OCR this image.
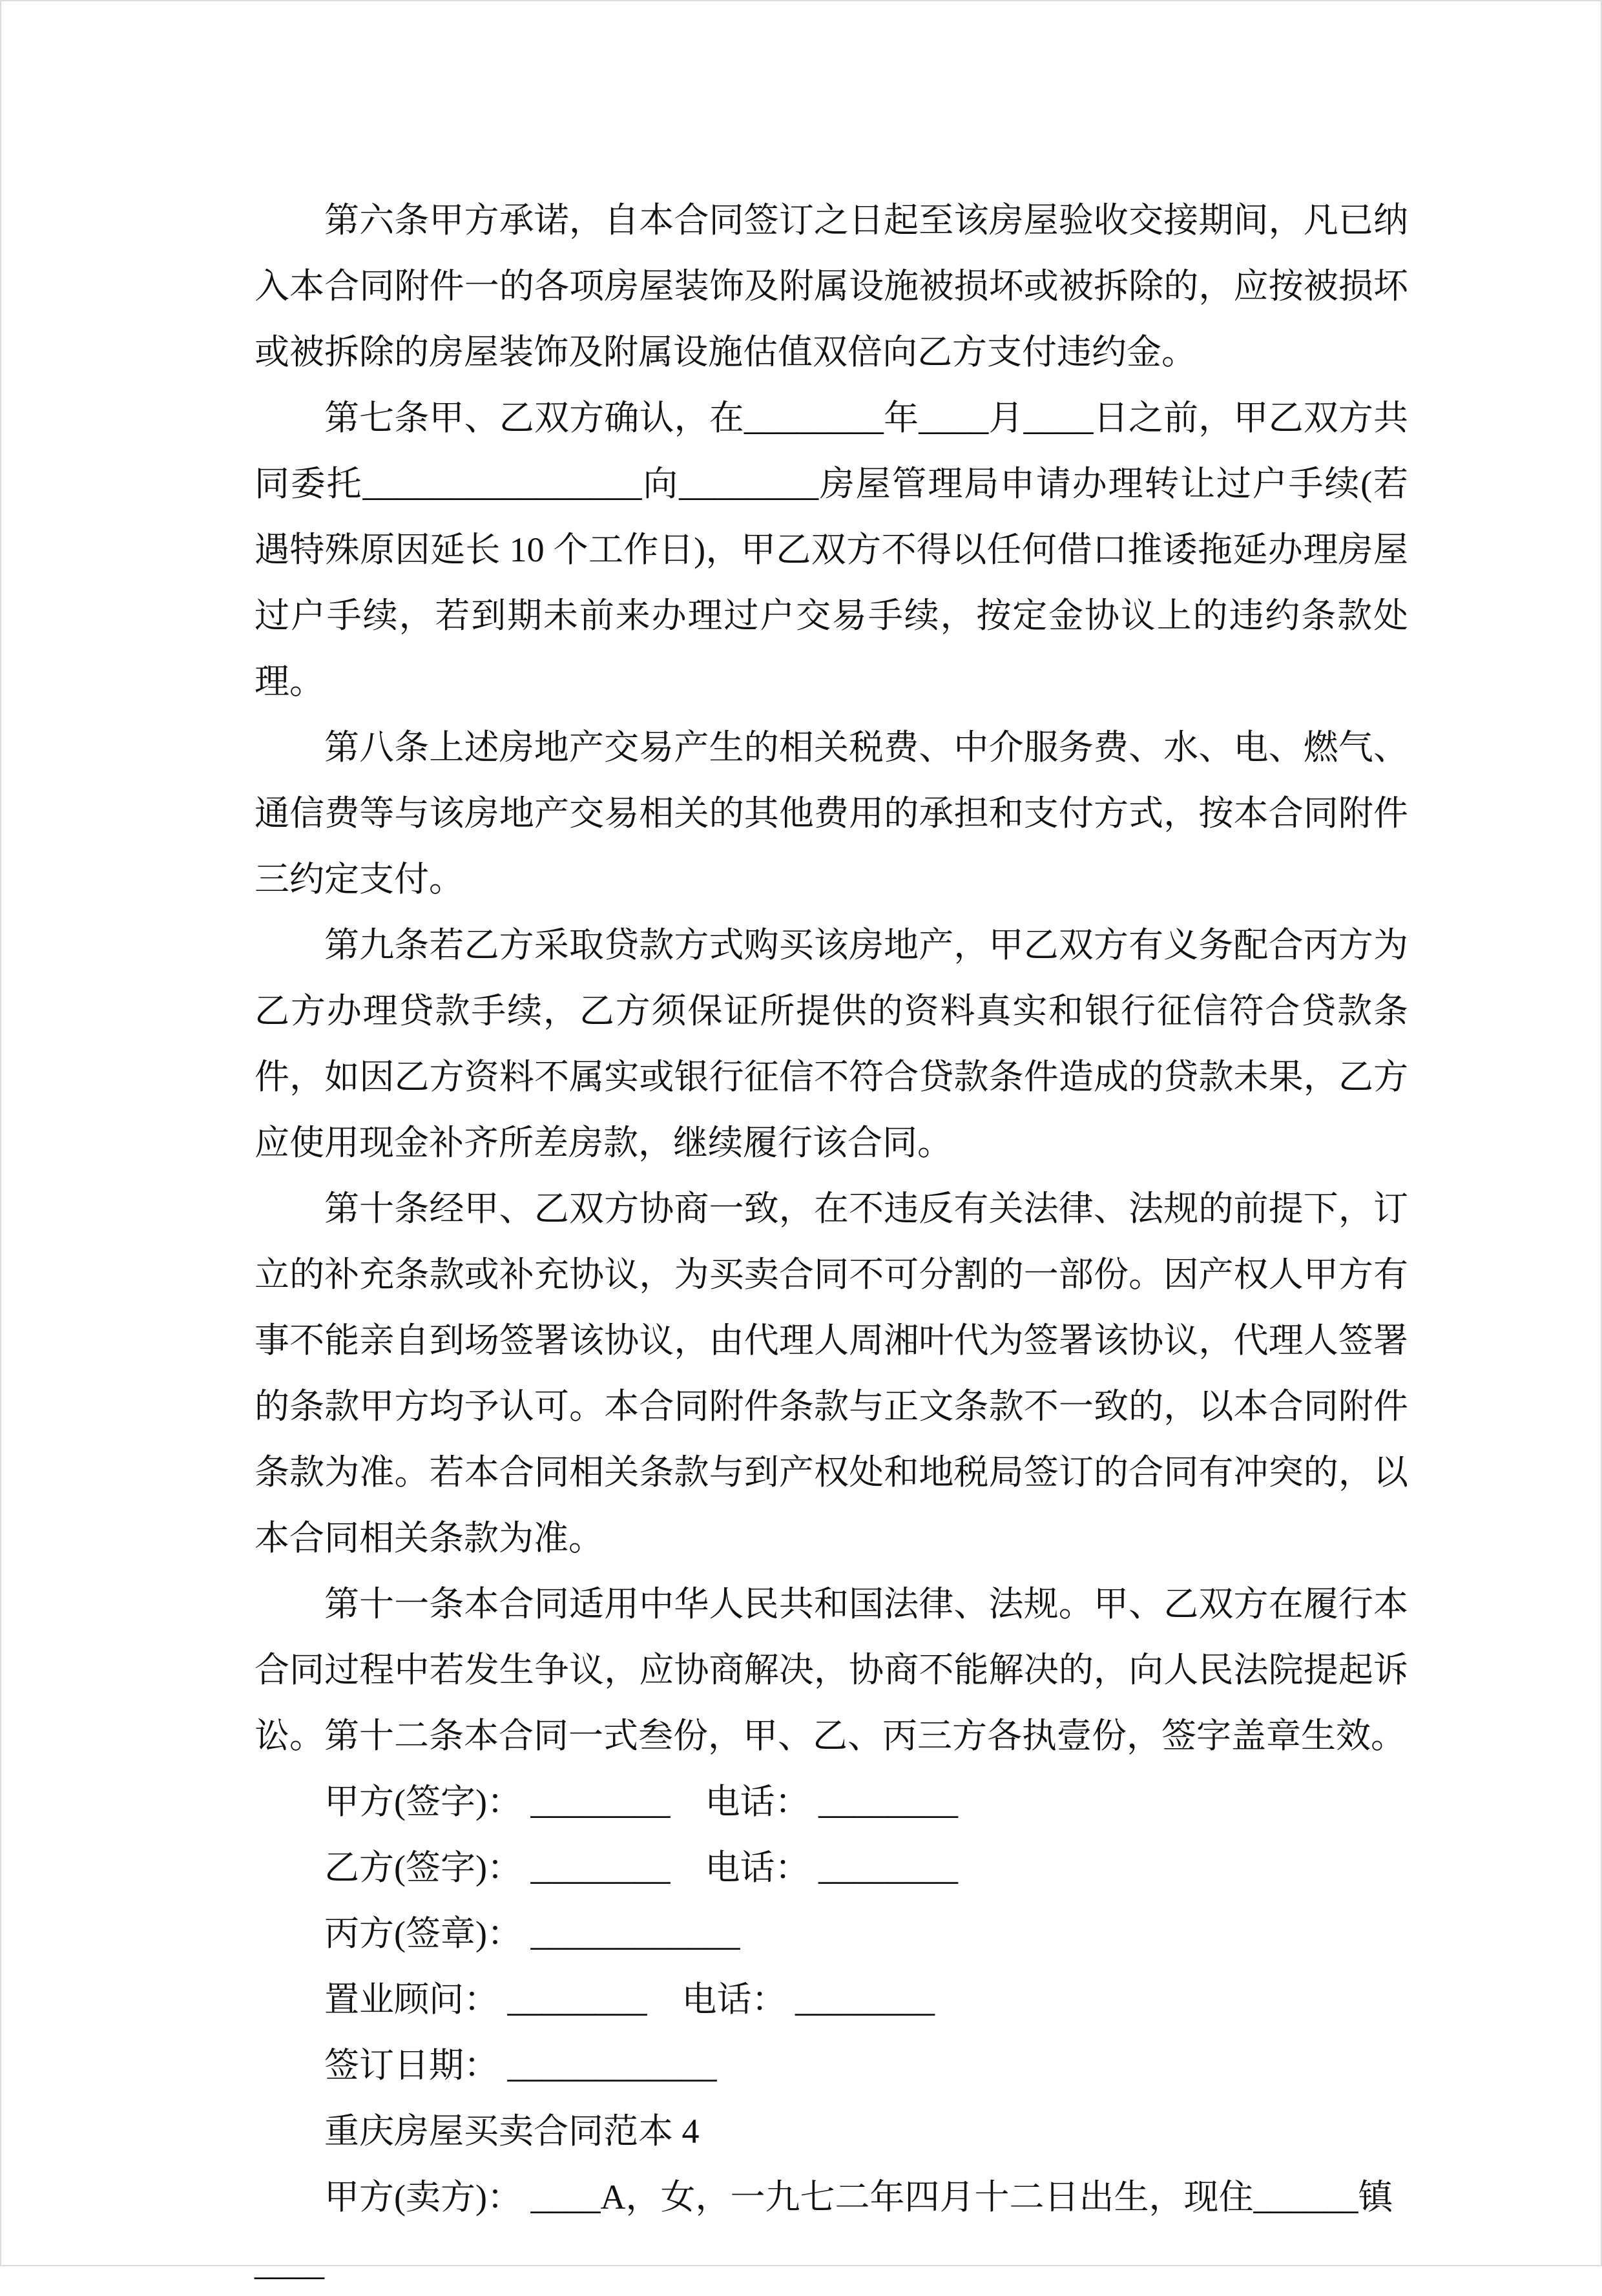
第六条甲方承诺，自本合同签订之日起至该房屋验收交接期间，凡已纳入本合同附件一的各项房屋装饰及附属设施被损坏或被拆除的，应按被损坏或被拆除的房屋装饰及附属设施估值双倍向乙方支付违约金。

第七条甲、乙双方确认，在________年____月____日之前，甲乙双方共同委托________________向________房屋管理局申请办理转让过户手续(若遇特殊原因延长 10 个工作日)，甲乙双方不得以任何借口推诿拖延办理房屋过户手续，若到期未前来办理过户交易手续，按定金协议上的违约条款处理。

第八条上述房地产交易产生的相关税费、中介服务费、水、电、燃气、通信费等与该房地产交易相关的其他费用的承担和支付方式，按本合同附件三约定支付。

第九条若乙方采取贷款方式购买该房地产，甲乙双方有义务配合丙方为乙方办理贷款手续，乙方须保证所提供的资料真实和银行征信符合贷款条件，如因乙方资料不属实或银行征信不符合贷款条件造成的贷款未果，乙方应使用现金补齐所差房款，继续履行该合同。

第十条经甲、乙双方协商一致，在不违反有关法律、法规的前提下，订立的补充条款或补充协议，为买卖合同不可分割的一部份。因产权人甲方有事不能亲自到场签署该协议，由代理人周湘叶代为签署该协议，代理人签署的条款甲方均予认可。本合同附件条款与正文条款不一致的，以本合同附件条款为准。若本合同相关条款与到产权处和地税局签订的合同有冲突的，以本合同相关条款为准。

第十一条本合同适用中华人民共和国法律、法规。甲、乙双方在履行本合同过程中若发生争议，应协商解决，协商不能解决的，向人民法院提起诉讼。第十二条本合同一式叁份，甲、乙、丙三方各执壹份，签字盖章生效。

甲方(签字)： ________　电话： ________

乙方(签字)： ________　电话： ________

丙方(签章)： ____________

置业顾问： ________　电话： ________

签订日期： ____________

重庆房屋买卖合同范本 4

甲方(卖方)： ____A，女，一九七二年四月十二日出生，现住______镇____
